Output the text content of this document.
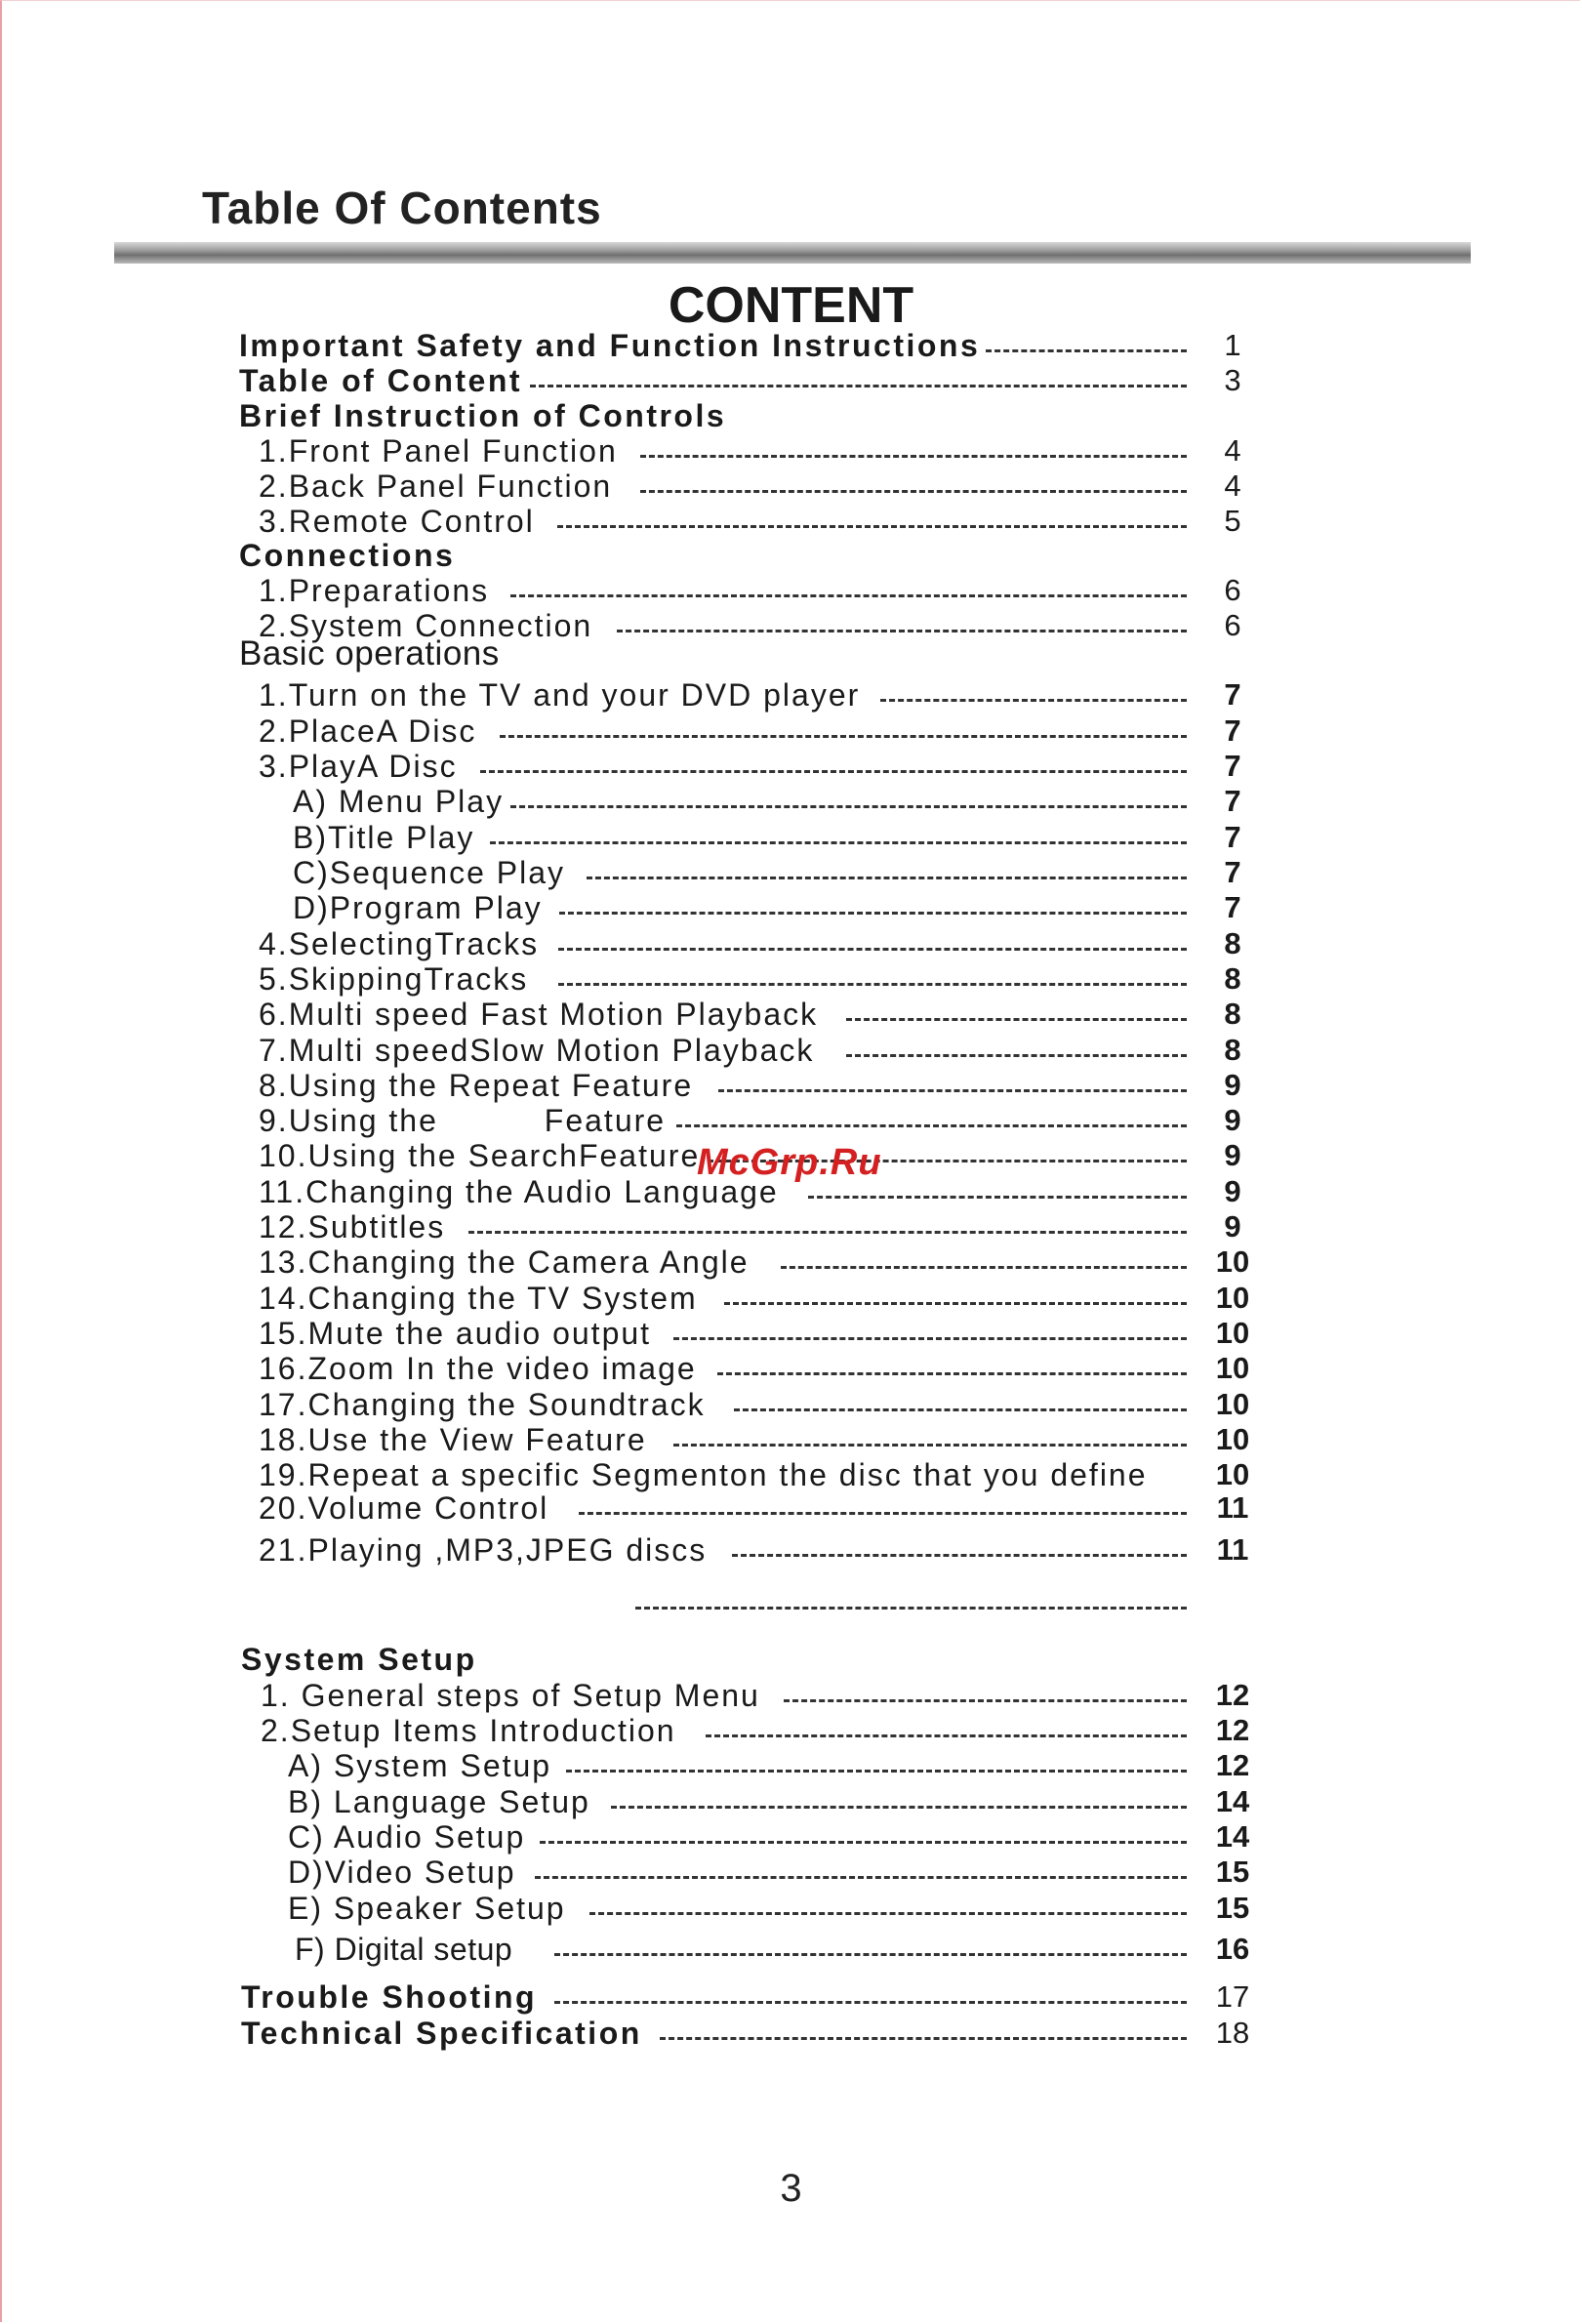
Table Of Contents
CONTENT
Important Safety and Function Instructions	1
Table of Content	3
Brief Instruction of Controls
1.Front Panel Function	4
2.Back Panel Function	4
3.Remote Control	5
Connections
1.Preparations	6
2.System Connection	6
Basic operations
1.Turn on the TV and your DVD player	7
2.PlaceA Disc	7
3.PlayA Disc	7
A) Menu Play	7
B)Title Play	7
C)Sequence Play	7
D)Program Play	7
4.SelectingTracks	8
5.SkippingTracks	8
6.Multi speed Fast Motion Playback	8
7.Multi speedSlow Motion Playback	8
8.Using the Repeat Feature	9
9.Using the          Feature	9
10.Using the SearchFeature	9
11.Changing the Audio Language	9
12.Subtitles	9
13.Changing the Camera Angle	10
14.Changing the TV System	10
15.Mute the audio output	10
16.Zoom In the video image	10
17.Changing the Soundtrack	10
18.Use the View Feature	10
19.Repeat a specific Segmenton the disc that you define 10
20.Volume Control	11
21.Playing ,MP3,JPEG discs	11
System Setup
1. General steps of Setup Menu	12
2.Setup Items Introduction	12
A) System Setup	12
B) Language Setup	14
C) Audio Setup	14
D)Video Setup	15
E) Speaker Setup	15
F) Digital setup	16
Trouble Shooting	17
Technical Specification	18
McGrp.Ru
3
